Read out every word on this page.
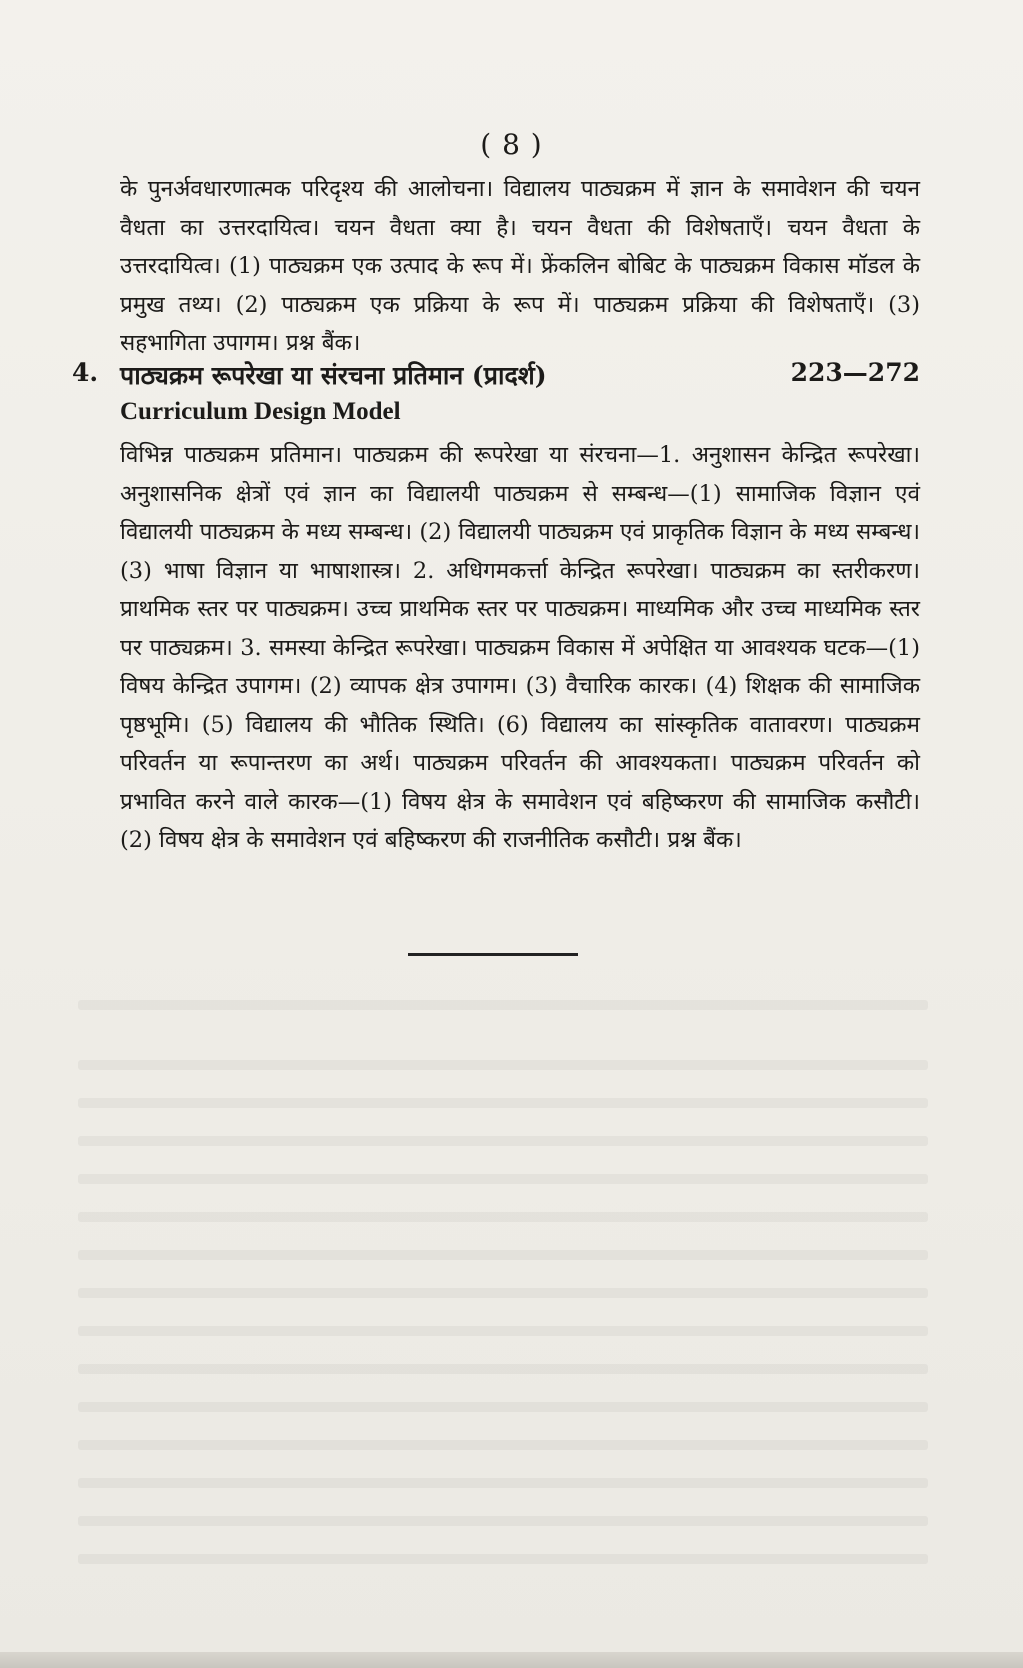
( 8 )

के पुनर्अवधारणात्मक परिदृश्य की आलोचना। विद्यालय पाठ्यक्रम में ज्ञान के समावेशन की चयन वैधता का उत्तरदायित्व। चयन वैधता क्या है। चयन वैधता की विशेषताएँ। चयन वैधता के उत्तरदायित्व। (1) पाठ्यक्रम एक उत्पाद के रूप में। फ्रेंकलिन बोबिट के पाठ्यक्रम विकास मॉडल के प्रमुख तथ्य। (2) पाठ्यक्रम एक प्रक्रिया के रूप में। पाठ्यक्रम प्रक्रिया की विशेषताएँ। (3) सहभागिता उपागम। प्रश्न बैंक।

4. पाठ्यक्रम रूपरेखा या संरचना प्रतिमान (प्रादर्श)	223—272
Curriculum Design Model

विभिन्न पाठ्यक्रम प्रतिमान। पाठ्यक्रम की रूपरेखा या संरचना—1. अनुशासन केन्द्रित रूपरेखा। अनुशासनिक क्षेत्रों एवं ज्ञान का विद्यालयी पाठ्यक्रम से सम्बन्ध—(1) सामाजिक विज्ञान एवं विद्यालयी पाठ्यक्रम के मध्य सम्बन्ध। (2) विद्यालयी पाठ्यक्रम एवं प्राकृतिक विज्ञान के मध्य सम्बन्ध। (3) भाषा विज्ञान या भाषाशास्त्र। 2. अधिगमकर्त्ता केन्द्रित रूपरेखा। पाठ्यक्रम का स्तरीकरण। प्राथमिक स्तर पर पाठ्यक्रम। उच्च प्राथमिक स्तर पर पाठ्यक्रम। माध्यमिक और उच्च माध्यमिक स्तर पर पाठ्यक्रम। 3. समस्या केन्द्रित रूपरेखा। पाठ्यक्रम विकास में अपेक्षित या आवश्यक घटक—(1) विषय केन्द्रित उपागम। (2) व्यापक क्षेत्र उपागम। (3) वैचारिक कारक। (4) शिक्षक की सामाजिक पृष्ठभूमि। (5) विद्यालय की भौतिक स्थिति। (6) विद्यालय का सांस्कृतिक वातावरण। पाठ्यक्रम परिवर्तन या रूपान्तरण का अर्थ। पाठ्यक्रम परिवर्तन की आवश्यकता। पाठ्यक्रम परिवर्तन को प्रभावित करने वाले कारक—(1) विषय क्षेत्र के समावेशन एवं बहिष्करण की सामाजिक कसौटी। (2) विषय क्षेत्र के समावेशन एवं बहिष्करण की राजनीतिक कसौटी। प्रश्न बैंक।
